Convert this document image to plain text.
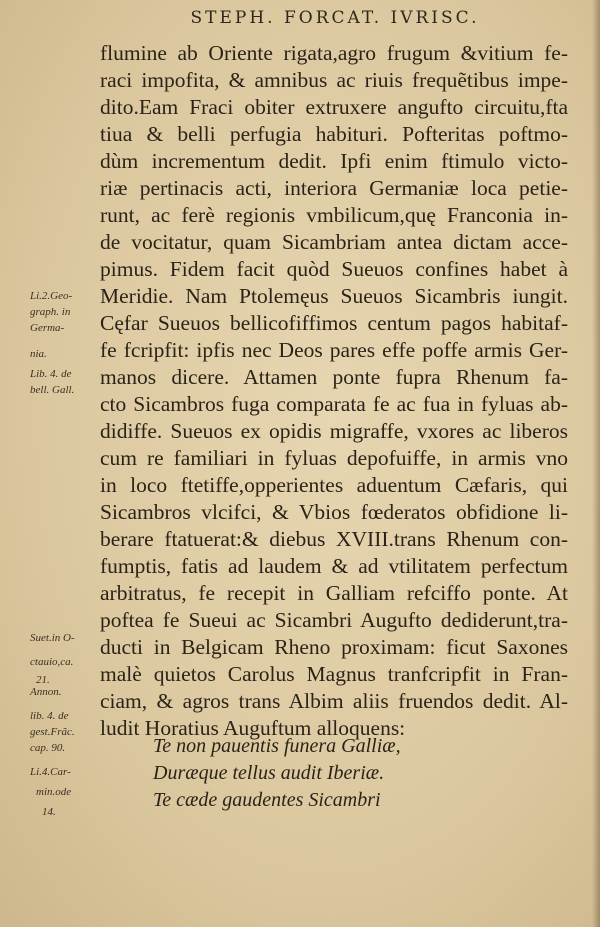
STEPH. FORCAT. IVRISC.
flumine ab Oriente rigata,agro frugum &vitium fe-
raci impofita, & amnibus ac riuis frequẽtibus impe-
dito.Eam Fraci obiter extruxere angufto circuitu,fta
tiua & belli perfugia habituri. Pofteritas poftmo-
dùm incrementum dedit. Ipfi enim ftimulo victo-
riæ pertinacis acti, interiora Germaniæ loca petie-
runt, ac ferè regionis vmbilicum,quę Franconia in-
de vocitatur, quam Sicambriam antea dictam acce-
pimus. Fidem facit quòd Sueuos confines habet à
Meridie. Nam Ptolemęus Sueuos Sicambris iungit.
Cęfar Sueuos bellicofiffimos centum pagos habitaf-
fe fcripfit: ipfis nec Deos pares effe poffe armis Ger-
manos dicere. Attamen ponte fupra Rhenum fa-
cto Sicambros fuga comparata fe ac fua in fyluas ab-
didiffe. Sueuos ex opidis migraffe, vxores ac liberos
cum re familiari in fyluas depofuiffe, in armis vno
in loco ftetiffe,opperientes aduentum Cæfaris, qui
Sicambros vlcifci, & Vbios fœderatos obfidione li-
berare ftatuerat:& diebus XVIII.trans Rhenum con-
fumptis, fatis ad laudem & ad vtilitatem perfectum
arbitratus, fe recepit in Galliam refciffo ponte. At
poftea fe Sueui ac Sicambri Augufto dediderunt,tra-
ducti in Belgicam Rheno proximam: ficut Saxones
malè quietos Carolus Magnus tranfcripfit in Fran-
ciam, & agros trans Albim aliis fruendos dedit. Al-
ludit Horatius Auguftum alloquens:
Te non pauentis funera Galliæ,
Duræque tellus audit Iberiæ.
Te cæde gaudentes Sicambri
Li.2.Geo-
graph. in
Germa-
nia.
Lib. 4. de
bell. Gall.
Suet.in O-
ctauio,ca.
21.
Annon.
lib. 4. de
gest.Frãc.
cap. 90.
Li.4.Car-
min.ode
14.
